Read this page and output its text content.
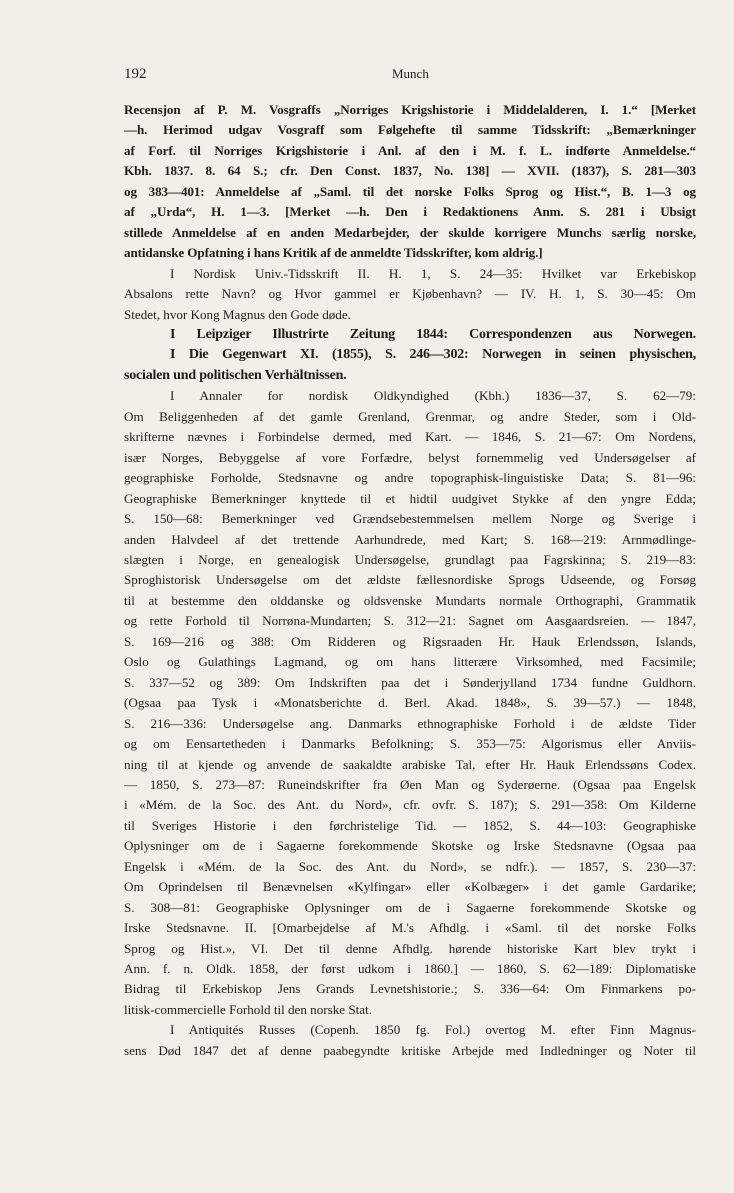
192	Munch
Recensjon af P. M. Vosgraffs „Norriges Krigshistorie i Middelalderen, I. 1.“ [Merket
—h. Herimod udgav Vosgraff som Følgehefte til samme Tidsskrift: „Bemærkninger
af Forf. til Norriges Krigshistorie i Anl. af den i M. f. L. indførte Anmeldelse.“
Kbh. 1837. 8. 64 S.; cfr. Den Const. 1837, No. 138] — XVII. (1837), S. 281—303
og 383—401: Anmeldelse af „Saml. til det norske Folks Sprog og Hist.“, B. 1—3 og
af „Urda“, H. 1—3. [Merket —h. Den i Redaktionens Anm. S. 281 i Ubsigt
stillede Anmeldelse af en anden Medarbejder, der skulde korrigere Munchs særlig norske,
antidanske Opfatning i hans Kritik af de anmeldte Tidsskrifter, kom aldrig.]
I Nordisk Univ.-Tidsskrift II. H. 1, S. 24—35: Hvilket var Erkebiskop
Absalons rette Navn? og Hvor gammel er Kjøbenhavn? — IV. H. 1, S. 30—45: Om
Stedet, hvor Kong Magnus den Gode døde.
I Leipziger Illustrirte Zeitung 1844: Correspondenzen aus Norwegen.
I Die Gegenwart XI. (1855), S. 246—302: Norwegen in seinen physischen,
socialen und politischen Verhältnissen.
I Annaler for nordisk Oldkyndighed (Kbh.) 1836—37, S. 62—79:
Om Beliggenheden af det gamle Grenland, Grenmar, og andre Steder, som i Old-
skrifterne nævnes i Forbindelse dermed, med Kart. — 1846, S. 21—67: Om Nordens,
især Norges, Bebyggelse af vore Forfædre, belyst fornemmelig ved Undersøgelser af
geographiske Forholde, Stedsnavne og andre topographisk-linguistiske Data; S. 81—96:
Geographiske Bemerkninger knyttede til et hidtil uudgivet Stykke af den yngre Edda;
S. 150—68: Bemerkninger ved Grændsebestemmelsen mellem Norge og Sverige i
anden Halvdeel af det trettende Aarhundrede, med Kart; S. 168—219: Arnmødlinge-
slægten i Norge, en genealogisk Undersøgelse, grundlagt paa Fagrskinna; S. 219—83:
Sproghistorisk Undersøgelse om det ældste fællesnordiske Sprogs Udseende, og Forsøg
til at bestemme den olddanske og oldsvenske Mundarts normale Orthographi, Grammatik
og rette Forhold til Norrøna-Mundarten; S. 312—21: Sagnet om Aasgaardsreien. — 1847,
S. 169—216 og 388: Om Ridderen og Rigsraaden Hr. Hauk Erlendssøn, Islands,
Oslo og Gulathings Lagmand, og om hans litterære Virksomhed, med Facsimile;
S. 337—52 og 389: Om Indskriften paa det i Sønderjylland 1734 fundne Guldhorn.
(Ogsaa paa Tysk i «Monatsberichte d. Berl. Akad. 1848», S. 39—57.) — 1848,
S. 216—336: Undersøgelse ang. Danmarks ethnographiske Forhold i de ældste Tider
og om Eensartetheden i Danmarks Befolkning; S. 353—75: Algorismus eller Anviis-
ning til at kjende og anvende de saakaldte arabiske Tal, efter Hr. Hauk Erlendssøns Codex.
— 1850, S. 273—87: Runeindskrifter fra Øen Man og Syderøerne. (Ogsaa paa Engelsk
i «Mém. de la Soc. des Ant. du Nord», cfr. ovfr. S. 187); S. 291—358: Om Kilderne
til Sveriges Historie i den førchristelige Tid. — 1852, S. 44—103: Geographiske
Oplysninger om de i Sagaerne forekommende Skotske og Irske Stedsnavne (Ogsaa paa
Engelsk i «Mém. de la Soc. des Ant. du Nord», se ndfr.). — 1857, S. 230—37:
Om Oprindelsen til Benævnelsen «Kylfingar» eller «Kolbæger» i det gamle Gardarike;
S. 308—81: Geographiske Oplysninger om de i Sagaerne forekommende Skotske og
Irske Stedsnavne. II. [Omarbejdelse af M.'s Afhdlg. i «Saml. til det norske Folks
Sprog og Hist.», VI. Det til denne Afhdlg. hørende historiske Kart blev trykt i
Ann. f. n. Oldk. 1858, der først udkom i 1860.] — 1860, S. 62—189: Diplomatiske
Bidrag til Erkebiskop Jens Grands Levnetshistorie.; S. 336—64: Om Finmarkens po-
litisk-commercielle Forhold til den norske Stat.
I Antiquités Russes (Copenh. 1850 fg. Fol.) overtog M. efter Finn Magnus-
sens Død 1847 det af denne paabegyndte kritiske Arbejde med Indledninger og Noter til
